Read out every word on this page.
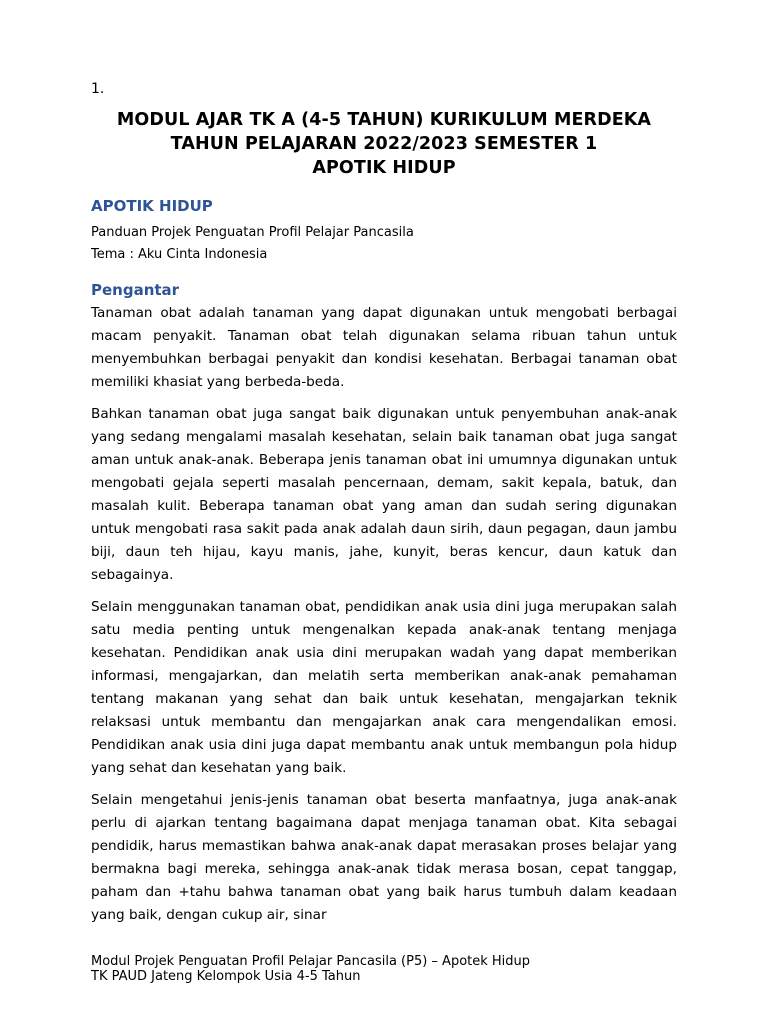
1.
MODUL AJAR TK A (4-5 TAHUN) KURIKULUM MERDEKA
TAHUN PELAJARAN 2022/2023 SEMESTER 1
APOTIK HIDUP
APOTIK HIDUP
Panduan Projek Penguatan Profil Pelajar Pancasila
Tema : Aku Cinta Indonesia
Pengantar

Tanaman obat adalah tanaman yang dapat digunakan untuk mengobati berbagai macam penyakit. Tanaman obat telah digunakan selama ribuan tahun untuk menyembuhkan berbagai penyakit dan kondisi kesehatan. Berbagai tanaman obat memiliki khasiat yang berbeda-beda.

Bahkan tanaman obat juga sangat baik digunakan untuk penyembuhan anak-anak yang sedang mengalami masalah kesehatan, selain baik tanaman obat juga sangat aman untuk anak-anak. Beberapa jenis tanaman obat ini umumnya digunakan untuk mengobati gejala seperti masalah pencernaan, demam, sakit kepala, batuk, dan masalah kulit. Beberapa tanaman obat yang aman dan sudah sering digunakan untuk mengobati rasa sakit pada anak adalah daun sirih, daun pegagan, daun jambu biji, daun teh hijau, kayu manis, jahe, kunyit, beras kencur, daun katuk dan sebagainya.

Selain menggunakan tanaman obat, pendidikan anak usia dini juga merupakan salah satu media penting untuk mengenalkan kepada anak-anak tentang menjaga kesehatan. Pendidikan anak usia dini merupakan wadah yang dapat memberikan informasi, mengajarkan, dan melatih serta memberikan anak-anak pemahaman tentang makanan yang sehat dan baik untuk kesehatan, mengajarkan teknik relaksasi untuk membantu dan mengajarkan anak cara mengendalikan emosi. Pendidikan anak usia dini juga dapat membantu anak untuk membangun pola hidup yang sehat dan kesehatan yang baik.

Selain mengetahui jenis-jenis tanaman obat beserta manfaatnya, juga anak-anak perlu di ajarkan tentang bagaimana dapat menjaga tanaman obat. Kita sebagai pendidik, harus memastikan bahwa anak-anak dapat merasakan proses belajar yang bermakna bagi mereka, sehingga anak-anak tidak merasa bosan, cepat tanggap, paham dan +tahu bahwa tanaman obat yang baik harus tumbuh dalam keadaan yang baik, dengan cukup air, sinar

Modul Projek Penguatan Profil Pelajar Pancasila (P5) – Apotek Hidup
TK PAUD Jateng Kelompok Usia 4-5 Tahun
